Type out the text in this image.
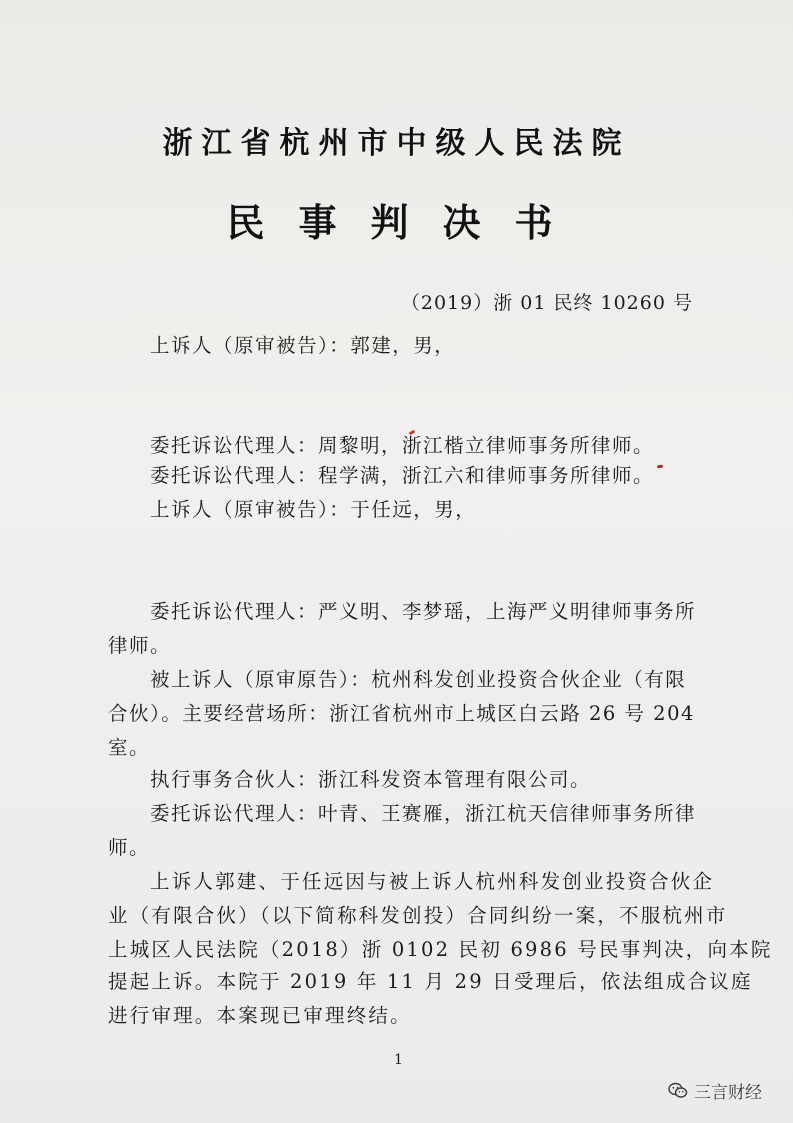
浙江省杭州市中级人民法院
民事判决书
（2019）浙 01 民终 10260 号
上诉人（原审被告）：郭建，男，
委托诉讼代理人：周黎明，浙江楷立律师事务所律师。
委托诉讼代理人：程学满，浙江六和律师事务所律师。
上诉人（原审被告）：于任远，男，
委托诉讼代理人：严义明、李梦瑶，上海严义明律师事务所
律师。
被上诉人（原审原告）：杭州科发创业投资合伙企业（有限
合伙）。主要经营场所：浙江省杭州市上城区白云路 26 号 204
室。
执行事务合伙人：浙江科发资本管理有限公司。
委托诉讼代理人：叶青、王赛雁，浙江杭天信律师事务所律
师。
上诉人郭建、于任远因与被上诉人杭州科发创业投资合伙企
业（有限合伙）（以下简称科发创投）合同纠纷一案，不服杭州市
上城区人民法院（2018）浙 0102 民初 6986 号民事判决，向本院
提起上诉。本院于 2019 年 11 月 29 日受理后，依法组成合议庭
进行审理。本案现已审理终结。
1
三言财经
